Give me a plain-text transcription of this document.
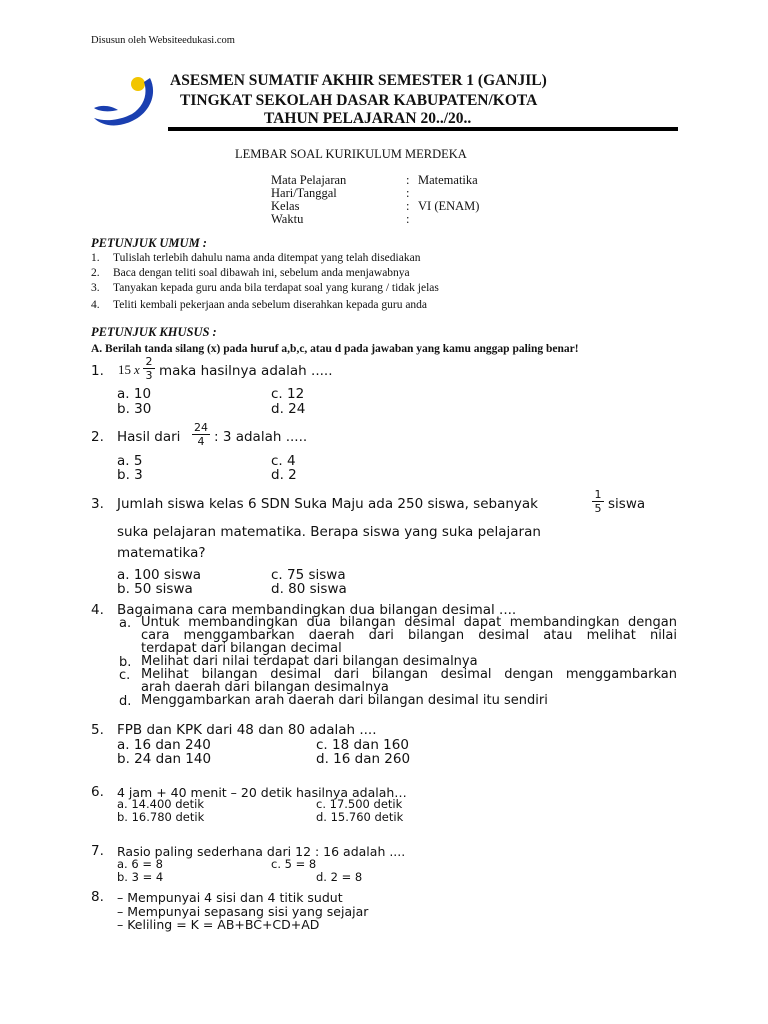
Disusun oleh Websiteedukasi.com
ASESMEN SUMATIF AKHIR SEMESTER 1 (GANJIL)
TINGKAT SEKOLAH DASAR KABUPATEN/KOTA
TAHUN PELAJARAN 20../20..
LEMBAR SOAL KURIKULUM MERDEKA
Mata Pelajaran	: Matematika
Hari/Tanggal	:
Kelas	: VI (ENAM)
Waktu	:
PETUNJUK UMUM :
1. Tulislah terlebih dahulu nama anda ditempat yang telah disediakan
2. Baca dengan teliti soal dibawah ini, sebelum anda menjawabnya
3. Tanyakan kepada guru anda bila terdapat soal yang kurang / tidak jelas
4. Teliti kembali pekerjaan anda sebelum diserahkan kepada guru anda
PETUNJUK KHUSUS :
A. Berilah tanda silang (x) pada huruf a,b,c, atau d pada jawaban yang kamu anggap paling benar!
1. 15 x
2
3 maka hasilnya adalah .....
a. 10
b. 30
c. 12
d. 24
2. Hasil dari
24
4 : 3 adalah .....
a. 5
b. 3
c. 4
d. 2
3. Jumlah siswa kelas 6 SDN Suka Maju ada 250 siswa, sebanyak
1
5 siswa
suka pelajaran matematika. Berapa siswa yang suka pelajaran
matematika?
a. 100 siswa
b. 50 siswa
c. 75 siswa
d. 80 siswa
4. Bagaimana cara membandingkan dua bilangan desimal ....
a. Untuk membandingkan dua bilangan desimal dapat membandingkan dengan
cara menggambarkan daerah dari bilangan desimal atau melihat nilai
terdapat dari bilangan decimal
b. Melihat dari nilai terdapat dari bilangan desimalnya
c. Melihat bilangan desimal dari bilangan desimal dengan menggambarkan
arah daerah dari bilangan desimalnya
d. Menggambarkan arah daerah dari bilangan desimal itu sendiri
5. FPB dan KPK dari 48 dan 80 adalah ....
a. 16 dan 240
b. 24 dan 140
c. 18 dan 160
d. 16 dan 260
6. 4 jam + 40 menit – 20 detik hasilnya adalah…
a. 14.400 detik
b. 16.780 detik
c. 17.500 detik
d. 15.760 detik
7. Rasio paling sederhana dari 12 : 16 adalah ....
a. 6 = 8
b. 3 = 4
c. 5 = 8
d. 2 = 8
8. – Mempunyai 4 sisi dan 4 titik sudut
– Mempunyai sepasang sisi yang sejajar
– Keliling = K = AB+BC+CD+AD
